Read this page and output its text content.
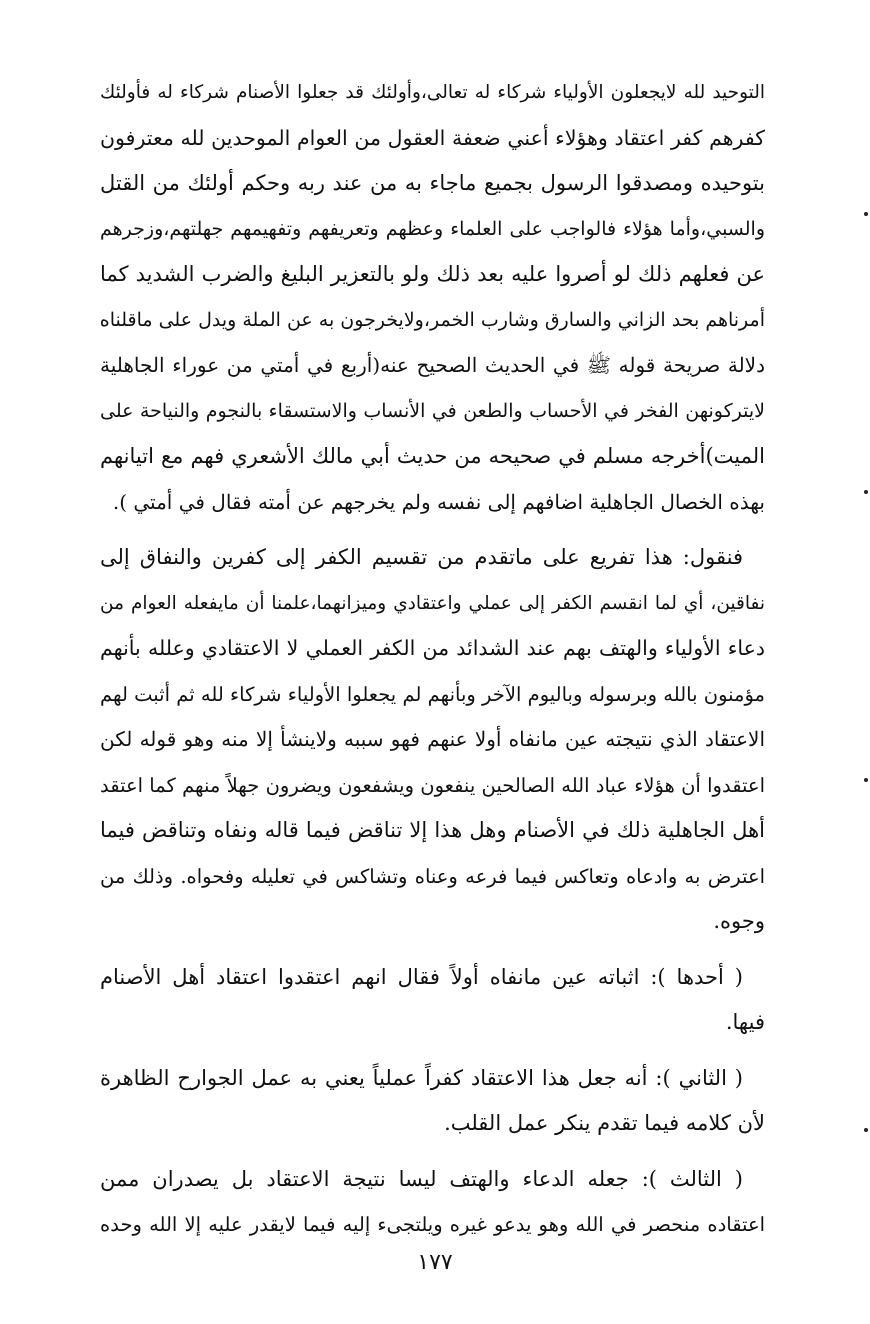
التوحيد لله لايجعلون الأولياء شركاء له تعالى،وأولئك قد جعلوا الأصنام شركاء له فأولئك
كفرهم كفر اعتقاد وهؤلاء أعني ضعفة العقول من العوام الموحدين لله معترفون
بتوحيده ومصدقوا الرسول بجميع ماجاء به من عند ربه وحكم أولئك من القتل
والسبي،وأما هؤلاء فالواجب على العلماء وعظهم وتعريفهم وتفهيمهم جهلتهم،وزجرهم
عن فعلهم ذلك لو أصروا عليه بعد ذلك ولو بالتعزير البليغ والضرب الشديد كما
أمرناهم بحد الزاني والسارق وشارب الخمر،ولايخرجون به عن الملة ويدل على ماقلناه
دلالة صريحة قوله ﷺ في الحديث الصحيح عنه(أربع في أمتي من عوراء الجاهلية
لايتركونهن الفخر في الأحساب والطعن في الأنساب والاستسقاء بالنجوم والنياحة على
الميت)أخرجه مسلم في صحيحه من حديث أبي مالك الأشعري فهم مع اتيانهم
بهذه الخصال الجاهلية اضافهم إلى نفسه ولم يخرجهم عن أمته فقال في أمتي ).

فنقول: هذا تفريع على ماتقدم من تقسيم الكفر إلى كفرين والنفاق إلى
نفاقين، أي لما انقسم الكفر إلى عملي واعتقادي وميزانهما،علمنا أن مايفعله العوام من
دعاء الأولياء والهتف بهم عند الشدائد من الكفر العملي لا الاعتقادي وعلله بأنهم
مؤمنون بالله وبرسوله وباليوم الآخر وبأنهم لم يجعلوا الأولياء شركاء لله ثم أثبت لهم
الاعتقاد الذي نتيجته عين مانفاه أولا عنهم فهو سببه ولاينشأ إلا منه وهو قوله لكن
اعتقدوا أن هؤلاء عباد الله الصالحين ينفعون ويشفعون ويضرون جهلاً منهم كما اعتقد
أهل الجاهلية ذلك في الأصنام وهل هذا إلا تناقض فيما قاله ونفاه وتناقض فيما
اعترض به وادعاه وتعاكس فيما فرعه وعناه وتشاكس في تعليله وفحواه. وذلك من
وجوه.

( أحدها ): اثباته عين مانفاه أولاً فقال انهم اعتقدوا اعتقاد أهل الأصنام
فيها.

( الثاني ): أنه جعل هذا الاعتقاد كفراً عملياً يعني به عمل الجوارح الظاهرة
لأن كلامه فيما تقدم ينكر عمل القلب.

( الثالث ): جعله الدعاء والهتف ليسا نتيجة الاعتقاد بل يصدران ممن
اعتقاده منحصر في الله وهو يدعو غيره ويلتجىء إليه فيما لايقدر عليه إلا الله وحده

١٧٧
